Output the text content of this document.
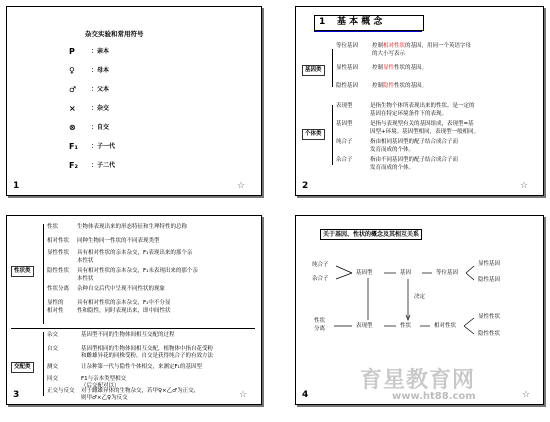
杂交实验和常用符号
P	：亲本
♀	：母本
♂ ：父本
×	：杂交
⊗	：自交
F₁ ：子一代
F₂ ：子二代
1	☆
1 基 本 概 念
基因类
等位基因	控制相对性状的基因，用同一个英语字母
的大小写表示
显性基因	控制显性性状的基因。
隐性基因	控制隐性性状的基因。
个体类
表现型	是指生物个体所表现出来的性状。是一定的
基因在特定环境条件下的表现。
基因型	是指与表现型有关的基因组成，表现型=基
因型+环境。基因型相同，表现型一般相同。
纯合子	指由相同基因型的配子结合成合子而
发育而成的个体。
杂合子	指由不同基因型的配子结合成合子而
发育而成的个体。
2	☆
性状类
性状	生物体表现出来的形态特征和生理特性的总称
相对性状 同种生物同一性状的不同表现类型
显性性状 具有相对性状的亲本杂交，F₁表现出来的那个亲
本性状
隐性性状 具有相对性状的亲本杂交，F₁未表现出来的那个亲
本性状
性状分离 杂种自交后代中呈现不同性状的现象
显性的 具有相对性状的亲本杂交，F₁中不分显
相对性 性和隐性，同时表现出来，即中间性状
交配类
杂交	基因型不同的生物体间相互交配的过程
自交	基因型相同的生物体间相互交配，植物体中指自花受粉
和雌雄异花的同株受粉。自交是获得纯合子的有效方法
测交	让杂种第一代与隐性个体相交，来测定F₁的基因型
回交	F1与亲本类型相交
（后交配对以）
正交与反交 对于雌雄异体的生物杂交，若甲♀×乙♂为正交，
则甲♂×乙♀为反交
3	☆
关于基因、性状的概念及其相互关系
纯合子
杂合子
基因型	基因	等位基因
显性基因
隐性基因
决定
性状
分离	表现型	性状	相对性状
显性性状
隐性性状
4	☆
育星教育网
www.ht88.com
